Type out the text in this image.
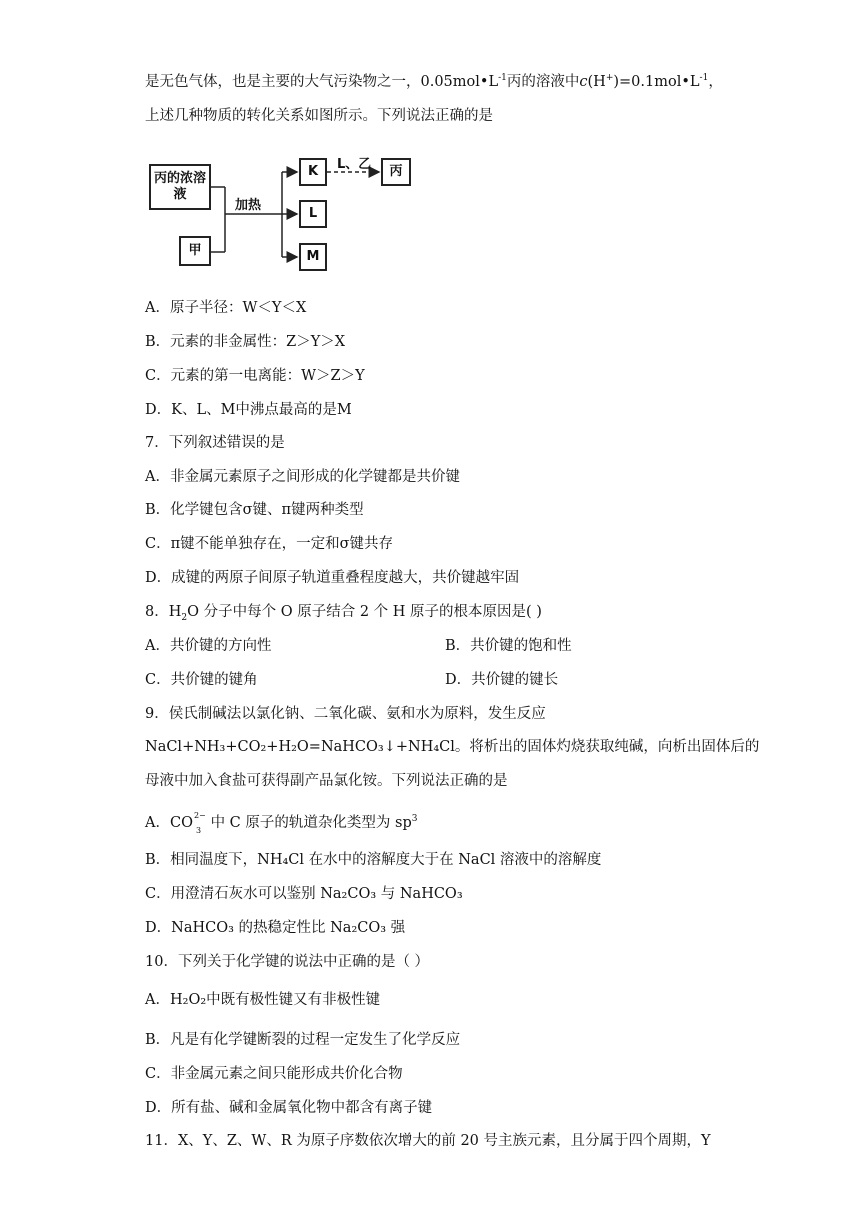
是无色气体，也是主要的大气污染物之一，$0.05mol•L^{-1}$丙的溶液中$c(H^+)=0.1mol•L^{-1}$，
上述几种物质的转化关系如图所示。下列说法正确的是
丙的浓溶液
甲
加热
K
L
M
L、乙	丙
A．原子半径：W＜Y＜X
B．元素的非金属性：Z＞Y＞X
C．元素的第一电离能：W＞Z＞Y
D．K、L、M中沸点最高的是M
7．下列叙述错误的是
A．非金属元素原子之间形成的化学键都是共价键
B．化学键包含σ键、π键两种类型
C．π键不能单独存在，一定和σ键共存
D．成键的两原子间原子轨道重叠程度越大，共价键越牢固
8．$H_2O$ 分子中每个 O 原子结合 2 个 H 原子的根本原因是( )
A．共价键的方向性	B．共价键的饱和性
C．共价键的键角	D．共价键的键长
9．侯氏制碱法以氯化钠、二氧化碳、氨和水为原料，发生反应
NaCl+NH₃+CO₂+H₂O=NaHCO₃↓+NH₄Cl。将析出的固体灼烧获取纯碱，向析出固体后的
母液中加入食盐可获得副产品氯化铵。下列说法正确的是
A．CO 2−
3 中 C 原子的轨道杂化类型为 $sp^3$
B．相同温度下，NH₄Cl 在水中的溶解度大于在 NaCl 溶液中的溶解度
C．用澄清石灰水可以鉴别 Na₂CO₃ 与 NaHCO₃
D．NaHCO₃ 的热稳定性比 Na₂CO₃ 强
10．下列关于化学键的说法中正确的是（ ）
A．H₂O₂中既有极性键又有非极性键
B．凡是有化学键断裂的过程一定发生了化学反应
C．非金属元素之间只能形成共价化合物
D．所有盐、碱和金属氧化物中都含有离子键
11．X、Y、Z、W、R 为原子序数依次增大的前 20 号主族元素，且分属于四个周期，Y
